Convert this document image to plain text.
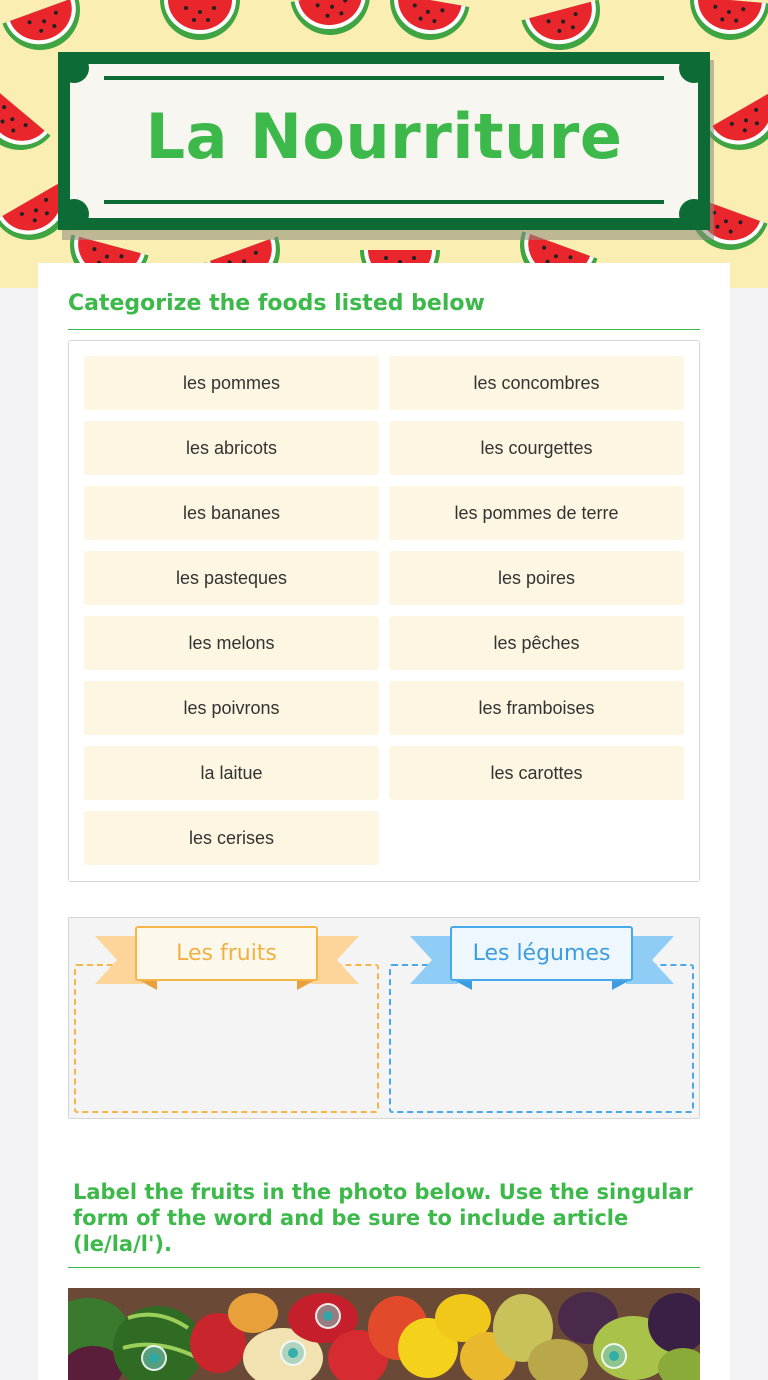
La Nourriture
Categorize the foods listed below
les pommes	les concombres
les abricots	les courgettes
les bananes	les pommes de terre
les pasteques	les poires
les melons	les pêches
les poivrons	les framboises
la laitue	les carottes
les cerises
Les fruits	Les légumes
Label the fruits in the photo below. Use the singular form of the word and be sure to include article (le/la/l').
